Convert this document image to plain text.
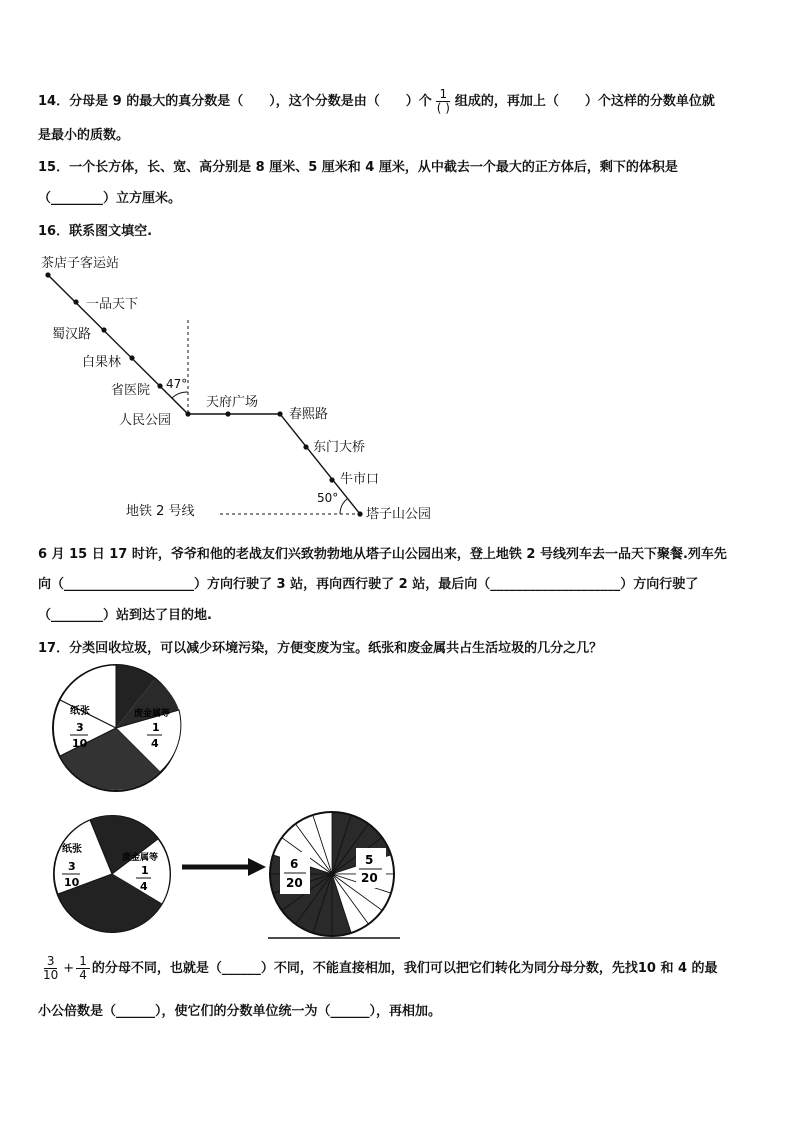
14．分母是 9 的最大的真分数是（　　），这个分数是由（　　）个 $\frac{1}{( )}$ 组成的，再加上（　　）个这样的分数单位就
是最小的质数。
15．一个长方体，长、宽、高分别是 8 厘米、5 厘米和 4 厘米，从中截去一个最大的正方体后，剩下的体积是
（________）立方厘米。
16．联系图文填空.
茶店子客运站
一品天下
蜀汉路
白果林
省医院 47°
人民公园
天府广场
春熙路
东门大桥
牛市口
50°
地铁 2 号线	塔子山公园
6 月 15 日 17 时许，爷爷和他的老战友们兴致勃勃地从塔子山公园出来，登上地铁 2 号线列车去一品天下聚餐.列车先
向（____________________）方向行驶了 3 站，再向西行驶了 2 站，最后向（____________________）方向行驶了
（________）站到达了目的地.
17．分类回收垃圾，可以减少环境污染，方便变废为宝。纸张和废金属共占生活垃圾的几分之几？
纸张
3
10
废金属等
1
4
纸张
3
10
废金属等
1
4
6
20
5
20
$\frac{3}{10} + \frac{1}{4}$ 的分母不同，也就是（______）不同，不能直接相加，我们可以把它们转化为同分母分数，先找10 和 4 的最
小公倍数是（______），使它们的分数单位统一为（______），再相加。
